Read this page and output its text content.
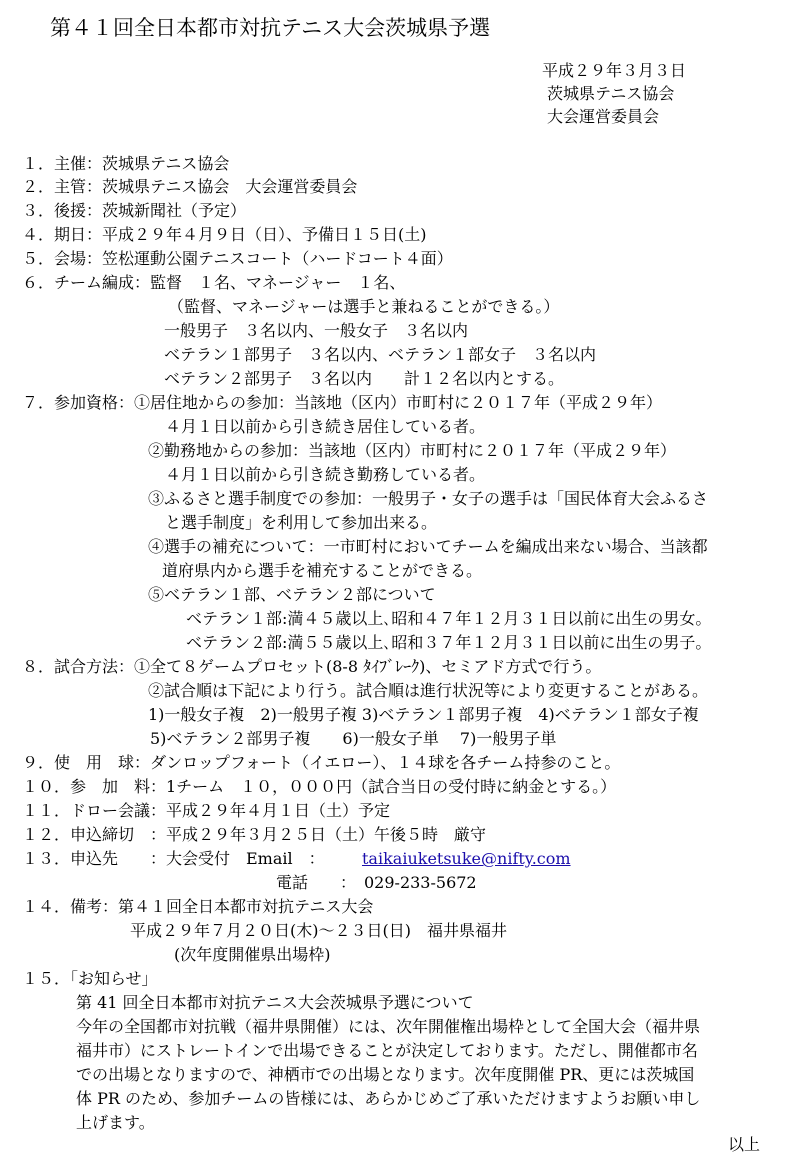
第４１回全日本都市対抗テニス大会茨城県予選
平成２９年３月３日
茨城県テニス協会
大会運営委員会
１．主催：茨城県テニス協会
２．主管：茨城県テニス協会　大会運営委員会
３．後援：茨城新聞社（予定）
４．期日：平成２９年４月９日（日）、予備日１５日(土)
５．会場：笠松運動公園テニスコート（ハードコート４面）
６．チーム編成：監督　１名、マネージャー　１名、
（監督、マネージャーは選手と兼ねることができる。）
一般男子　３名以内、一般女子　３名以内
ベテラン１部男子　３名以内、ベテラン１部女子　３名以内
ベテラン２部男子　３名以内　　計１２名以内とする。
７．参加資格：①居住地からの参加：当該地（区内）市町村に２０１７年（平成２９年）
４月１日以前から引き続き居住している者。
②勤務地からの参加：当該地（区内）市町村に２０１７年（平成２９年）
４月１日以前から引き続き勤務している者。
③ふるさと選手制度での参加：一般男子・女子の選手は「国民体育大会ふるさ
と選手制度」を利用して参加出来る。
④選手の補充について：一市町村においてチームを編成出来ない場合、当該都
道府県内から選手を補充することができる。
⑤ベテラン１部、ベテラン２部について
ベテラン１部:満４５歳以上､昭和４７年１２月３１日以前に出生の男女。
ベテラン２部:満５５歳以上､昭和３７年１２月３１日以前に出生の男子。
８．試合方法：①全て８ゲームプロセット(8-8 ﾀｲﾌﾞﾚｰｸ)、セミアド方式で行う。
②試合順は下記により行う。試合順は進行状況等により変更することがある。
1)一般女子複　2)一般男子複 3)ベテラン１部男子複　4)ベテラン１部女子複
5)ベテラン２部男子複　　6)一般女子単　 7)一般男子単
９．使　用　球：ダンロップフォート（イエロー）、１４球を各チーム持参のこと。
１０．参　加　料：1チーム　１０，０００円（試合当日の受付時に納金とする。）
１１．ドロー会議：平成２９年４月１日（土）予定
１２．申込締切　：平成２９年３月２５日（土）午後５時　厳守
１３．申込先　　：大会受付　Email　： taikaiuketsuke@nifty.com
電話　　：　029-233-5672
１４．備考：第４１回全日本都市対抗テニス大会
平成２９年７月２０日(木)～２３日(日)　福井県福井
(次年度開催県出場枠)
１５．「お知らせ」
第 41 回全日本都市対抗テニス大会茨城県予選について
今年の全国都市対抗戦（福井県開催）には、次年開催権出場枠として全国大会（福井県
福井市）にストレートインで出場できることが決定しております。ただし、開催都市名
での出場となりますので、神栖市での出場となります。次年度開催 PR、更には茨城国
体 PR のため、参加チームの皆様には、あらかじめご了承いただけますようお願い申し
上げます。
以上
